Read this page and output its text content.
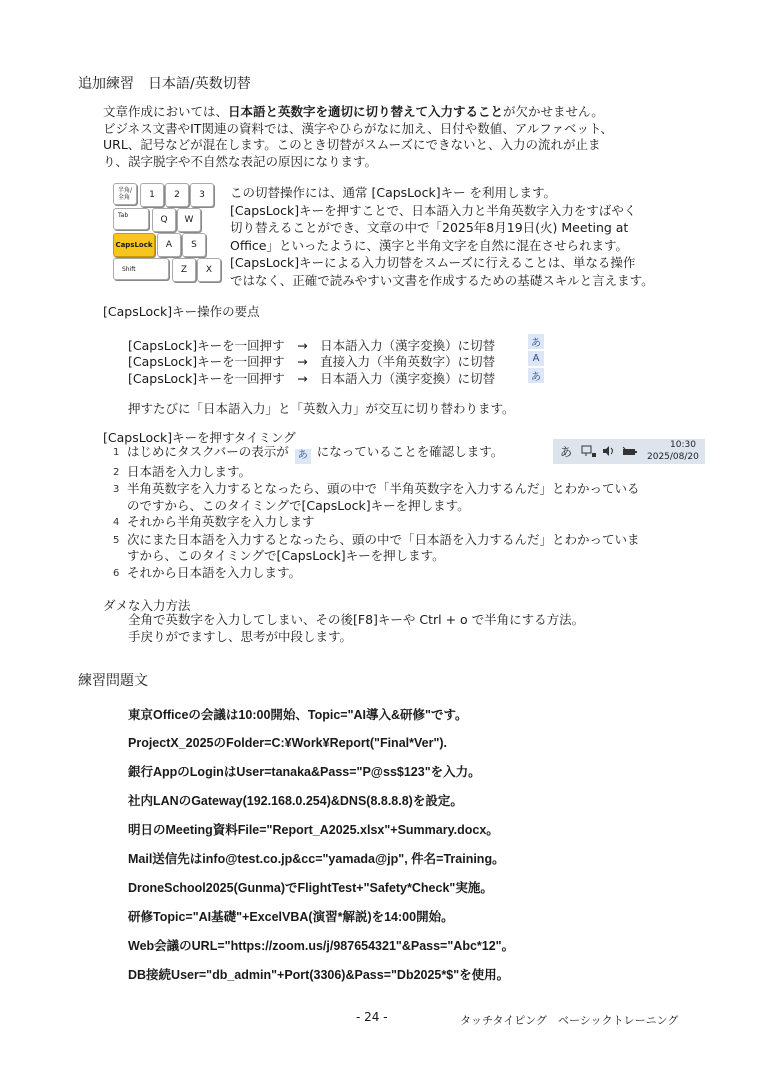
追加練習　日本語/英数切替
文章作成においては、日本語と英数字を適切に切り替えて入力することが欠かせません。
ビジネス文書やIT関連の資料では、漢字やひらがなに加え、日付や数値、アルファベット、
URL、記号などが混在します。このとき切替がスムーズにできないと、入力の流れが止ま
り、誤字脱字や不自然な表記の原因になります。
半角/全角	1	2	3
Tab	Q	W
CapsLock	A	S
Shift	Z	X
この切替操作には、通常 [CapsLock]キー を利用します。
[CapsLock]キーを押すことで、日本語入力と半角英数字入力をすばやく
切り替えることができ、文章の中で「2025年8月19日(火) Meeting at
Office」といったように、漢字と半角文字を自然に混在させられます。
[CapsLock]キーによる入力切替をスムーズに行えることは、単なる操作
ではなく、正確で読みやすい文書を作成するための基礎スキルと言えます。
[CapsLock]キー操作の要点
[CapsLock]キーを一回押す　→　日本語入力（漢字変換）に切替	あ
[CapsLock]キーを一回押す　→　直接入力（半角英数字）に切替	A
[CapsLock]キーを一回押す　→　日本語入力（漢字変換）に切替	あ
押すたびに「日本語入力」と「英数入力」が交互に切り替わります。
[CapsLock]キーを押すタイミング
1 はじめにタスクバーの表示が あ になっていることを確認します。
2 日本語を入力します。
3 半角英数字を入力するとなったら、頭の中で「半角英数字を入力するんだ」とわかっている
のですから、このタイミングで[CapsLock]キーを押します。
4 それから半角英数字を入力します
5 次にまた日本語を入力するとなったら、頭の中で「日本語を入力するんだ」とわかっていま
すから、このタイミングで[CapsLock]キーを押します。
6 それから日本語を入力します。
あ	10:30
2025/08/20
ダメな入力方法
全角で英数字を入力してしまい、その後[F8]キーや Ctrl + o で半角にする方法。
手戻りがでますし、思考が中段します。
練習問題文
東京Officeの会議は10:00開始、Topic="AI導入&研修"です。
ProjectX_2025のFolder=C:¥Work¥Report("Final*Ver").
銀行AppのLoginはUser=tanaka&Pass="P@ss$123"を入力。
社内LANのGateway(192.168.0.254)&DNS(8.8.8.8)を設定。
明日のMeeting資料File="Report_A2025.xlsx"+Summary.docx。
Mail送信先はinfo@test.co.jp&cc="yamada@jp", 件名=Training。
DroneSchool2025(Gunma)でFlightTest+"Safety*Check"実施。
研修Topic="AI基礎"+ExcelVBA(演習*解説)を14:00開始。
Web会議のURL="https://zoom.us/j/987654321"&Pass="Abc*12"。
DB接続User="db_admin"+Port(3306)&Pass="Db2025*$"を使用。
- 24 -	タッチタイピング　ベーシックトレーニング
